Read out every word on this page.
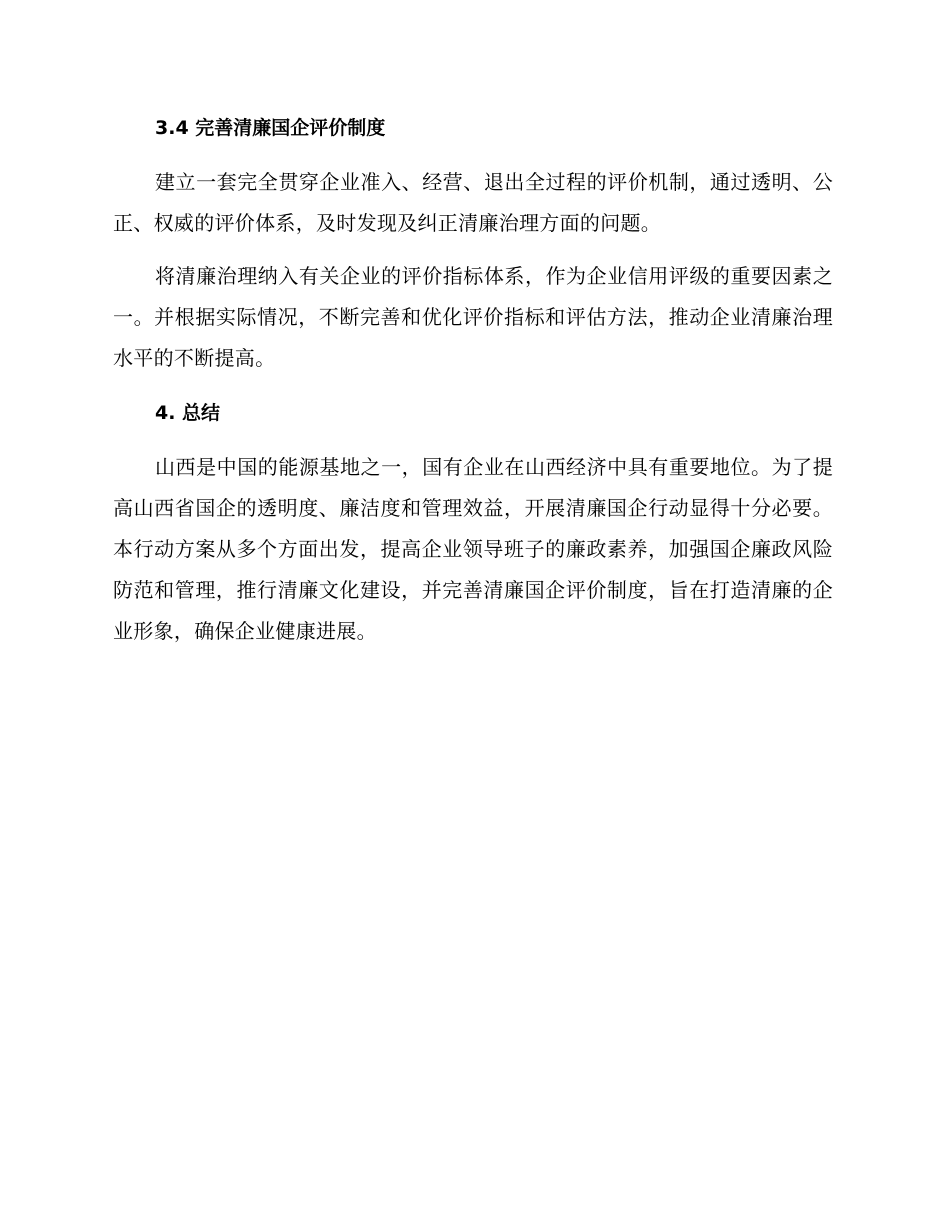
3.4 完善清廉国企评价制度

建立一套完全贯穿企业准入、经营、退出全过程的评价机制，通过透明、公正、权威的评价体系，及时发现及纠正清廉治理方面的问题。

将清廉治理纳入有关企业的评价指标体系，作为企业信用评级的重要因素之一。并根据实际情况，不断完善和优化评价指标和评估方法，推动企业清廉治理水平的不断提高。

4. 总结

山西是中国的能源基地之一，国有企业在山西经济中具有重要地位。为了提高山西省国企的透明度、廉洁度和管理效益，开展清廉国企行动显得十分必要。本行动方案从多个方面出发，提高企业领导班子的廉政素养，加强国企廉政风险防范和管理，推行清廉文化建设，并完善清廉国企评价制度，旨在打造清廉的企业形象，确保企业健康进展。
